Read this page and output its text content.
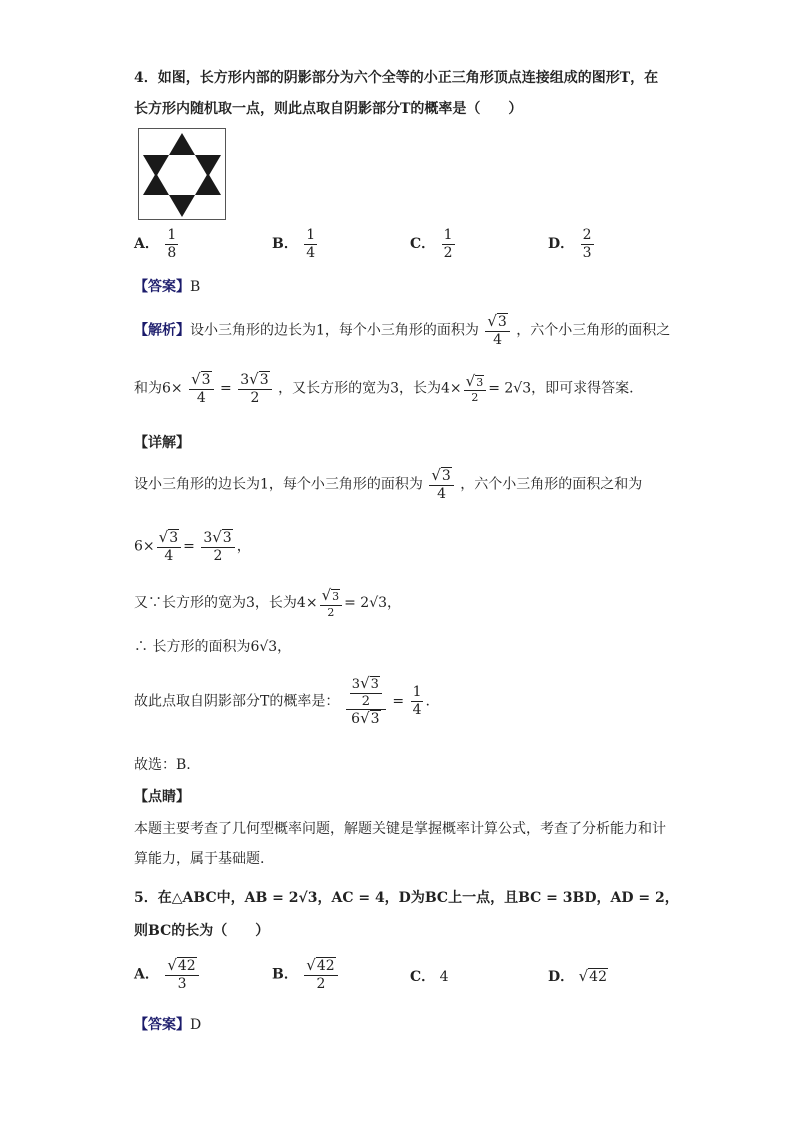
4．如图，长方形内部的阴影部分为六个全等的小正三角形顶点连接组成的图形T，在
长方形内随机取一点，则此点取自阴影部分T的概率是（　　）
A． $\frac{1}{8}$	B． $\frac{1}{4}$	C． $\frac{1}{2}$	D． $\frac{2}{3}$
【答案】B
【解析】设小三角形的边长为1，每个小三角形的面积为 $\frac{√3}{4}$ ，六个小三角形的面积之
和为$6\times \frac{√3}{4} = \frac{3√3}{2}$ ，又长方形的宽为3，长为$4\times \frac{√3}{2} = 2√3$，即可求得答案.
【详解】
设小三角形的边长为1，每个小三角形的面积为 $\frac{√3}{4}$ ，六个小三角形的面积之和为
$6\times \frac{√3}{4} = \frac{3√3}{2}$ ，
又∵长方形的宽为3，长为$4\times \frac{√3}{2} = 2√3$，
∴ 长方形的面积为6√3，
故此点取自阴影部分T的概率是： $\frac{\frac{3√3}{2}}{6√3} = \frac{1}{4}$ .
故选：B.
【点睛】
本题主要考查了几何型概率问题，解题关键是掌握概率计算公式，考查了分析能力和计
算能力，属于基础题.
5．在△ABC中，AB = 2√3，AC = 4，D为BC上一点，且BC = 3BD，AD = 2，
则BC的长为（　　）
A． $\frac{√42}{3}$	B． $\frac{√42}{2}$	C． 4	D． √42
【答案】D
